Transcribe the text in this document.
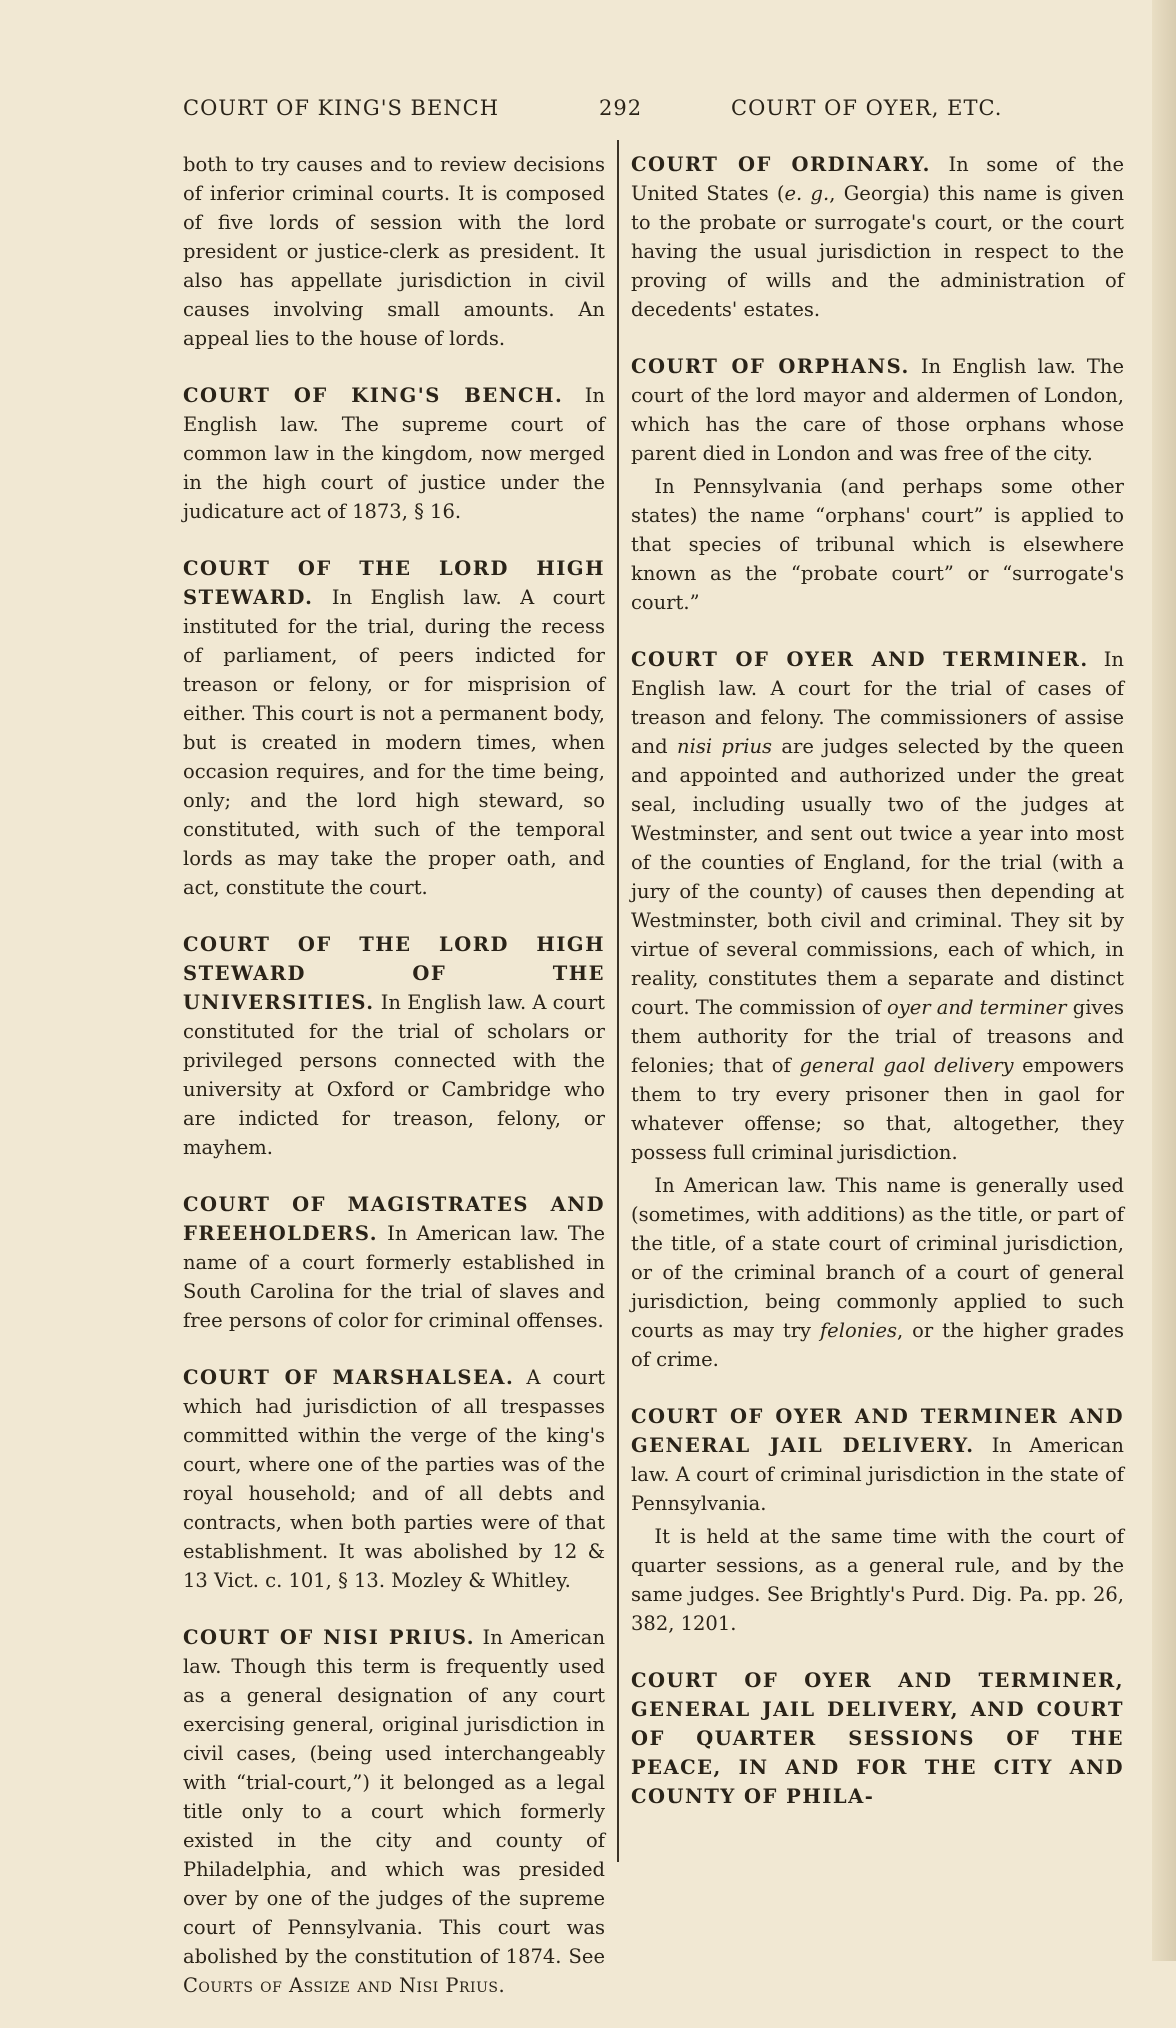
COURT OF KING'S BENCH	292	COURT OF OYER, ETC.

both to try causes and to review decisions of inferior criminal courts. It is composed of five lords of session with the lord president or justice-clerk as president. It also has appellate jurisdiction in civil causes involving small amounts. An appeal lies to the house of lords.

COURT OF KING'S BENCH. In English law. The supreme court of common law in the kingdom, now merged in the high court of justice under the judicature act of 1873, § 16.

COURT OF THE LORD HIGH STEWARD. In English law. A court instituted for the trial, during the recess of parliament, of peers indicted for treason or felony, or for misprision of either. This court is not a permanent body, but is created in modern times, when occasion requires, and for the time being, only; and the lord high steward, so constituted, with such of the temporal lords as may take the proper oath, and act, constitute the court.

COURT OF THE LORD HIGH STEWARD OF THE UNIVERSITIES. In English law. A court constituted for the trial of scholars or privileged persons connected with the university at Oxford or Cambridge who are indicted for treason, felony, or mayhem.

COURT OF MAGISTRATES AND FREEHOLDERS. In American law. The name of a court formerly established in South Carolina for the trial of slaves and free persons of color for criminal offenses.

COURT OF MARSHALSEA. A court which had jurisdiction of all trespasses committed within the verge of the king's court, where one of the parties was of the royal household; and of all debts and contracts, when both parties were of that establishment. It was abolished by 12 & 13 Vict. c. 101, § 13. Mozley & Whitley.

COURT OF NISI PRIUS. In American law. Though this term is frequently used as a general designation of any court exercising general, original jurisdiction in civil cases, (being used interchangeably with “trial-court,”) it belonged as a legal title only to a court which formerly existed in the city and county of Philadelphia, and which was presided over by one of the judges of the supreme court of Pennsylvania. This court was abolished by the constitution of 1874. See Courts of Assize and Nisi Prius.

COURT OF ORDINARY. In some of the United States (e. g., Georgia) this name is given to the probate or surrogate's court, or the court having the usual jurisdiction in respect to the proving of wills and the administration of decedents' estates.

COURT OF ORPHANS. In English law. The court of the lord mayor and aldermen of London, which has the care of those orphans whose parent died in London and was free of the city.

In Pennsylvania (and perhaps some other states) the name “orphans' court” is applied to that species of tribunal which is elsewhere known as the “probate court” or “surrogate's court.”

COURT OF OYER AND TERMINER. In English law. A court for the trial of cases of treason and felony. The commissioners of assise and nisi prius are judges selected by the queen and appointed and authorized under the great seal, including usually two of the judges at Westminster, and sent out twice a year into most of the counties of England, for the trial (with a jury of the county) of causes then depending at Westminster, both civil and criminal. They sit by virtue of several commissions, each of which, in reality, constitutes them a separate and distinct court. The commission of oyer and terminer gives them authority for the trial of treasons and felonies; that of general gaol delivery empowers them to try every prisoner then in gaol for whatever offense; so that, altogether, they possess full criminal jurisdiction.

In American law. This name is generally used (sometimes, with additions) as the title, or part of the title, of a state court of criminal jurisdiction, or of the criminal branch of a court of general jurisdiction, being commonly applied to such courts as may try felonies, or the higher grades of crime.

COURT OF OYER AND TERMINER AND GENERAL JAIL DELIVERY. In American law. A court of criminal jurisdiction in the state of Pennsylvania.

It is held at the same time with the court of quarter sessions, as a general rule, and by the same judges. See Brightly's Purd. Dig. Pa. pp. 26, 382, 1201.

COURT OF OYER AND TERMINER, GENERAL JAIL DELIVERY, AND COURT OF QUARTER SESSIONS OF THE PEACE, IN AND FOR THE CITY AND COUNTY OF PHILA-
